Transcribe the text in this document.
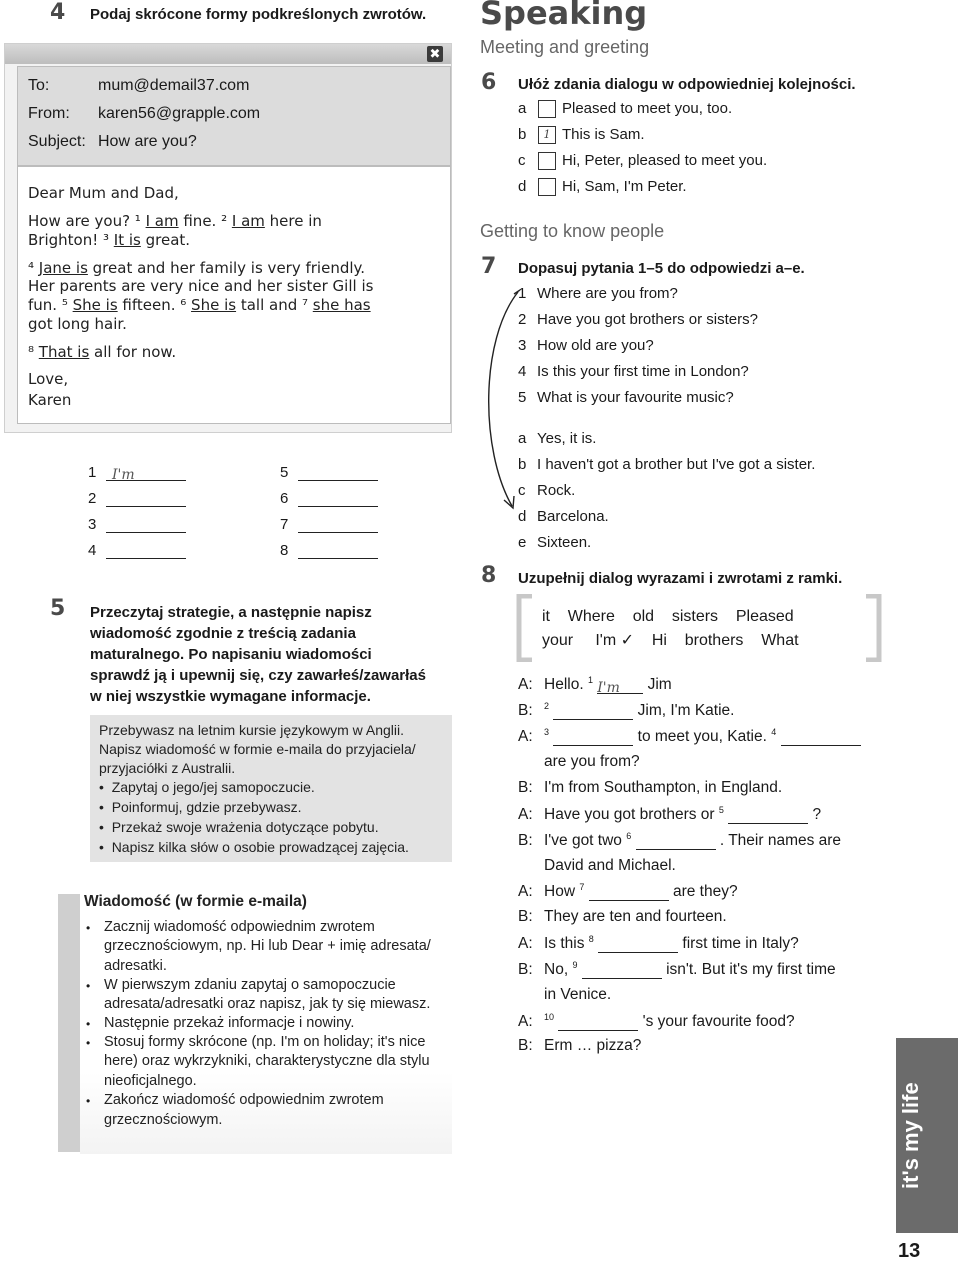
4 Podaj skrócone formy podkreślonych zwrotów.
✖
To:	mum@demail37.com
From: karen56@grapple.com
Subject: How are you?
Dear Mum and Dad,
How are you? ¹ I am fine. ² I am here in
Brighton! ³ It is great.
⁴ Jane is great and her family is very friendly.
Her parents are very nice and her sister Gill is
fun. ⁵ She is fifteen. ⁶ She is tall and ⁷ she has
got long hair.
⁸ That is all for now.
Love,
Karen
1 I'm
2
3
4
5
6
7
8
5 Przeczytaj strategie, a następnie napisz
wiadomość zgodnie z treścią zadania
maturalnego. Po napisaniu wiadomości
sprawdź ją i upewnij się, czy zawarłeś/zawarłaś
w niej wszystkie wymagane informacje.
Przebywasz na letnim kursie językowym w Anglii.
Napisz wiadomość w formie e-maila do przyjaciela/
przyjaciółki z Australii.
• Zapytaj o jego/jej samopoczucie.
• Poinformuj, gdzie przebywasz.
• Przekaż swoje wrażenia dotyczące pobytu.
• Napisz kilka słów o osobie prowadzącej zajęcia.
Wiadomość (w formie e-maila)
• Zacznij wiadomość odpowiednim zwrotem
grzecznościowym, np. Hi lub Dear + imię adresata/
adresatki.
• W pierwszym zdaniu zapytaj o samopoczucie
adresata/adresatki oraz napisz, jak ty się miewasz.
• Następnie przekaż informacje i nowiny.
• Stosuj formy skrócone (np. I'm on holiday; it's nice
here) oraz wykrzykniki, charakterystyczne dla stylu
nieoficjalnego.
• Zakończ wiadomość odpowiednim zwrotem
grzecznościowym.
Speaking
Meeting and greeting
6 Ułóż zdania dialogu w odpowiedniej kolejności.
a Pleased to meet you, too.
b 1 This is Sam.
c Hi, Peter, pleased to meet you.
d Hi, Sam, I'm Peter.
Getting to know people
7 Dopasuj pytania 1–5 do odpowiedzi a–e.
1 Where are you from?
2 Have you got brothers or sisters?
3 How old are you?
4 Is this your first time in London?
5 What is your favourite music?
a Yes, it is.
b I haven't got a brother but I've got a sister.
c Rock.
d Barcelona.
e Sixteen.
8 Uzupełnij dialog wyrazami i zwrotami z ramki.
it Where old sisters Pleased
your I'm ✓ Hi brothers What
A: Hello. $^1$ I'm Jim
B: $^2$	Jim, I'm Katie.
A: $^3$	to meet you, Katie. $^4$
are you from?
B: I'm from Southampton, in England.
A: Have you got brothers or $^5$	?
B: I've got two $^6$	. Their names are
David and Michael.
A: How $^7$	are they?
B: They are ten and fourteen.
A: Is this $^8$	first time in Italy?
B: No, $^9$	isn't. But it's my first time
in Venice.
A: $^{10}$	's your favourite food?
B: Erm … pizza?
it's my life
13
